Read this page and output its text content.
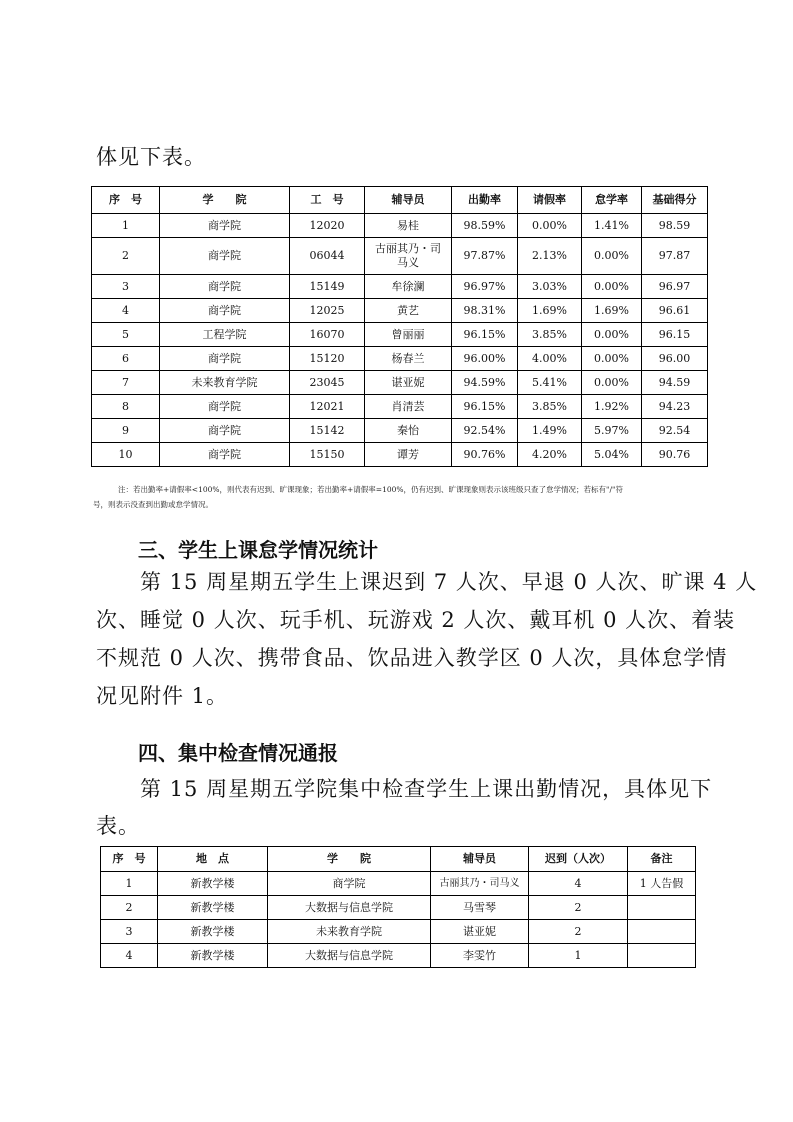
体见下表。
序　号	学　　院	工　号	辅导员	出勤率	请假率	怠学率	基础得分
1	商学院	12020	易桂	98.59%	0.00%	1.41%	98.59
2	商学院	06044	古丽其乃・司马义	97.87%	2.13%	0.00%	97.87
3	商学院	15149	牟徐澜	96.97%	3.03%	0.00%	96.97
4	商学院	12025	黄艺	98.31%	1.69%	1.69%	96.61
5	工程学院	16070	曾丽丽	96.15%	3.85%	0.00%	96.15
6	商学院	15120	杨春兰	96.00%	4.00%	0.00%	96.00
7	未来教育学院	23045	谌亚妮	94.59%	5.41%	0.00%	94.59
8	商学院	12021	肖清芸	96.15%	3.85%	1.92%	94.23
9	商学院	15142	秦怡	92.54%	1.49%	5.97%	92.54
10	商学院	15150	谭芳	90.76%	4.20%	5.04%	90.76
注：若出勤率+请假率<100%，则代表有迟到、旷课现象；若出勤率+请假率=100%，仍有迟到、旷课现象则表示该班级只查了怠学情况；若标有"/"符
号，则表示没查到出勤或怠学情况。
三、学生上课怠学情况统计
第 15 周星期五学生上课迟到 7 人次、早退 0 人次、旷课 4 人
次、睡觉 0 人次、玩手机、玩游戏 2 人次、戴耳机 0 人次、着装
不规范 0 人次、携带食品、饮品进入教学区 0 人次，具体怠学情
况见附件 1。
四、集中检查情况通报
第 15 周星期五学院集中检查学生上课出勤情况，具体见下
表。
序　号	地　点	学　　院	辅导员	迟到（人次）	备注
1	新教学楼	商学院	古丽其乃・司马义	4	1 人告假
2	新教学楼	大数据与信息学院	马雪琴	2	
3	新教学楼	未来教育学院	谌亚妮	2	
4	新教学楼	大数据与信息学院	李雯竹	1	
